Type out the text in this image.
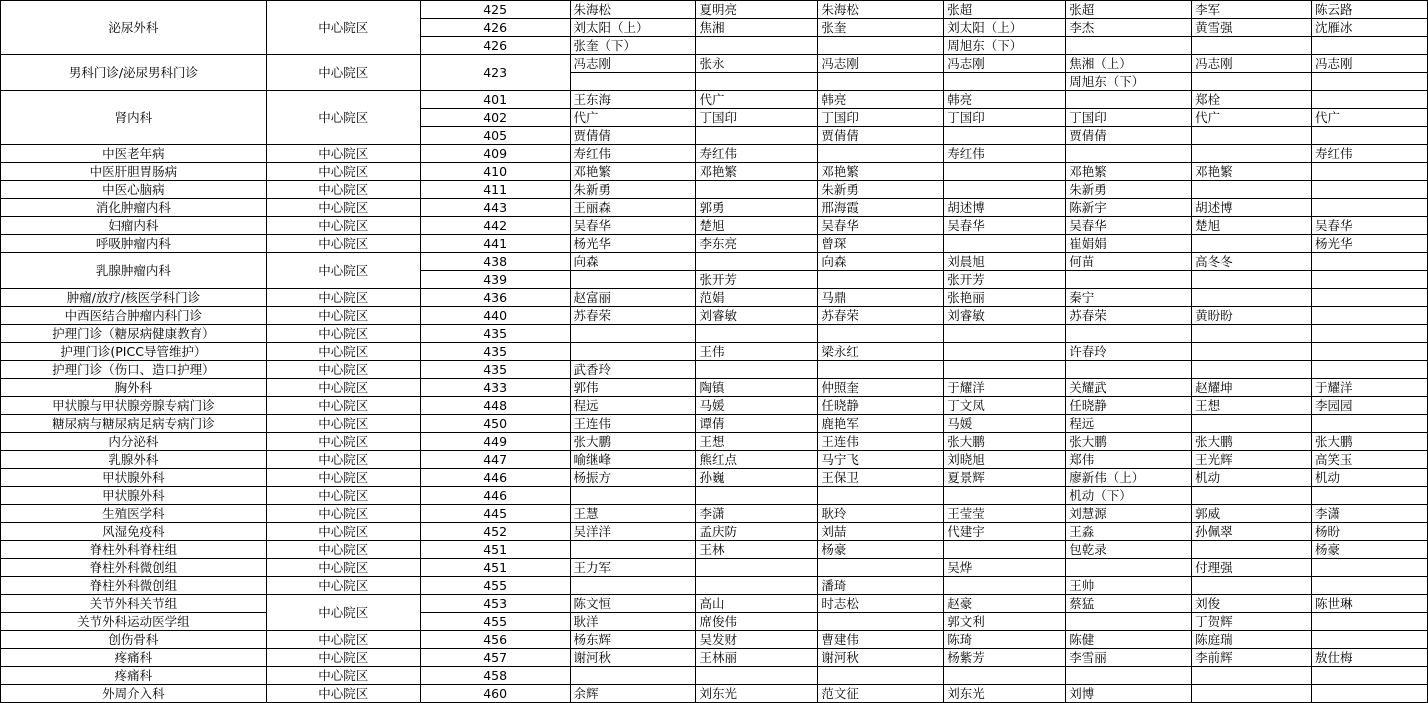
泌尿外科	中心院区	425	朱海松	夏明亮	朱海松	张超	张超	李军	陈云路
		426	刘太阳（上）	焦湘	张奎	刘太阳（上）	李杰	黄雪强	沈雁冰
		426	张奎（下）			周旭东（下）			
男科门诊/泌尿男科门诊	中心院区	423	冯志刚	张永	冯志刚	冯志刚	焦湘（上）	冯志刚	冯志刚
							周旭东（下）		
肾内科	中心院区	401	王东海	代广	韩亮	韩亮		郑栓	
		402	代广	丁国印	丁国印	丁国印	丁国印	代广	代广
		405	贾倩倩		贾倩倩		贾倩倩		
中医老年病	中心院区	409	寿红伟	寿红伟		寿红伟			寿红伟
中医肝胆胃肠病	中心院区	410	邓艳繁	邓艳繁	邓艳繁		邓艳繁	邓艳繁	
中医心脑病	中心院区	411	朱新勇		朱新勇		朱新勇		
消化肿瘤内科	中心院区	443	王丽森	郭勇	邢海霞	胡述博	陈新宇	胡述博	
妇瘤内科	中心院区	442	吴春华	楚旭	吴春华	吴春华	吴春华	楚旭	吴春华
呼吸肿瘤内科	中心院区	441	杨光华	李东亮	曾琛		崔娟娟		杨光华
乳腺肿瘤内科	中心院区	438	向森		向森	刘晨旭	何苗	高冬冬	
		439		张开芳		张开芳			
肿瘤/放疗/核医学科门诊	中心院区	436	赵富丽	范娟	马鼎	张艳丽	秦宁		
中西医结合肿瘤内科门诊	中心院区	440	苏春荣	刘睿敏	苏春荣	刘睿敏	苏春荣	黄盼盼	
护理门诊（糖尿病健康教育）	中心院区	435							
护理门诊(PICC导管维护）	中心院区	435		王伟	梁永红		许春玲		
护理门诊（伤口、造口护理）	中心院区	435	武香玲						
胸外科	中心院区	433	郭伟	陶镇	仲照奎	于耀洋	关耀武	赵耀坤	于耀洋
甲状腺与甲状腺旁腺专病门诊	中心院区	448	程远	马媛	任晓静	丁文凤	任晓静	王想	李园园
糖尿病与糖尿病足病专病门诊	中心院区	450	王连伟	谭倩	鹿艳军	马媛	程远		
内分泌科	中心院区	449	张大鹏	王想	王连伟	张大鹏	张大鹏	张大鹏	张大鹏
乳腺外科	中心院区	447	喻继峰	熊红点	马宁飞	刘晓旭	郑伟	王光辉	高笑玉
甲状腺外科	中心院区	446	杨振方	孙巍	王保卫	夏景辉	廖新伟（上）	机动	机动
甲状腺外科	中心院区	446					机动（下）		
生殖医学科	中心院区	445	王慧	李潇	耿玲	王莹莹	刘慧源	郭威	李潇
风湿免疫科	中心院区	452	吴洋洋	孟庆防	刘喆	代建宇	王淼	孙佩翠	杨盼
脊柱外科脊柱组	中心院区	451		王林	杨豪		包乾录		杨豪
脊柱外科微创组	中心院区	451	王力军			吴烨		付理强	
脊柱外科微创组	中心院区	455			潘琦		王帅		
关节外科关节组	中心院区	453	陈文恒	高山	时志松	赵豪	蔡猛	刘俊	陈世琳
关节外科运动医学组		455	耿洋	席俊伟		郭文利		丁贺辉	
创伤骨科	中心院区	456	杨东辉	吴发财	曹建伟	陈琦	陈健	陈庭瑞	
疼痛科	中心院区	457	谢河秋	王林丽	谢河秋	杨紫芳	李雪丽	李前辉	敖仕梅
疼痛科	中心院区	458							
外周介入科	中心院区	460	余辉	刘东光	范文征	刘东光	刘博		
